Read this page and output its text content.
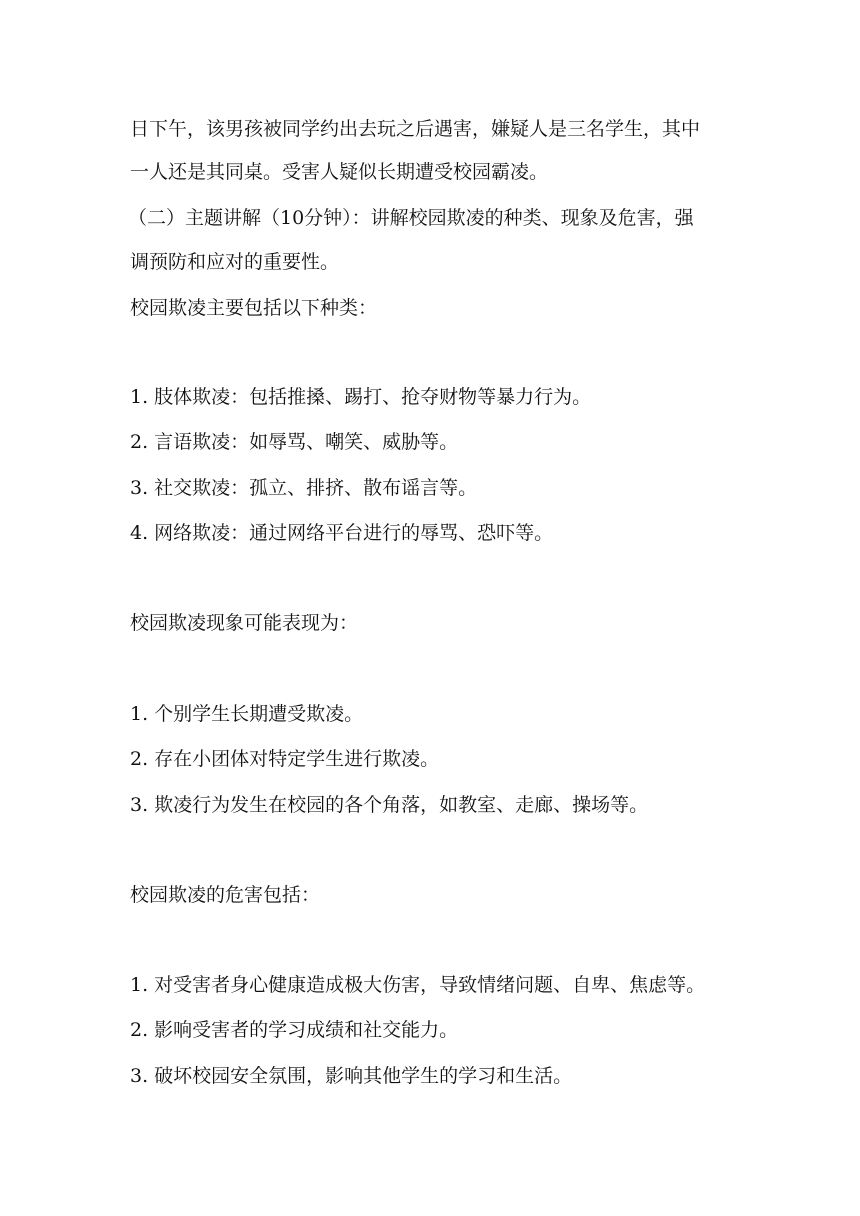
日下午，该男孩被同学约出去玩之后遇害，嫌疑人是三名学生，其中
一人还是其同桌。受害人疑似长期遭受校园霸凌。
（二）主题讲解（10分钟）：讲解校园欺凌的种类、现象及危害，强
调预防和应对的重要性。
校园欺凌主要包括以下种类：
1. 肢体欺凌：包括推搡、踢打、抢夺财物等暴力行为。
2. 言语欺凌：如辱骂、嘲笑、威胁等。
3. 社交欺凌：孤立、排挤、散布谣言等。
4. 网络欺凌：通过网络平台进行的辱骂、恐吓等。
校园欺凌现象可能表现为：
1. 个别学生长期遭受欺凌。
2. 存在小团体对特定学生进行欺凌。
3. 欺凌行为发生在校园的各个角落，如教室、走廊、操场等。
校园欺凌的危害包括：
1. 对受害者身心健康造成极大伤害，导致情绪问题、自卑、焦虑等。
2. 影响受害者的学习成绩和社交能力。
3. 破坏校园安全氛围，影响其他学生的学习和生活。
